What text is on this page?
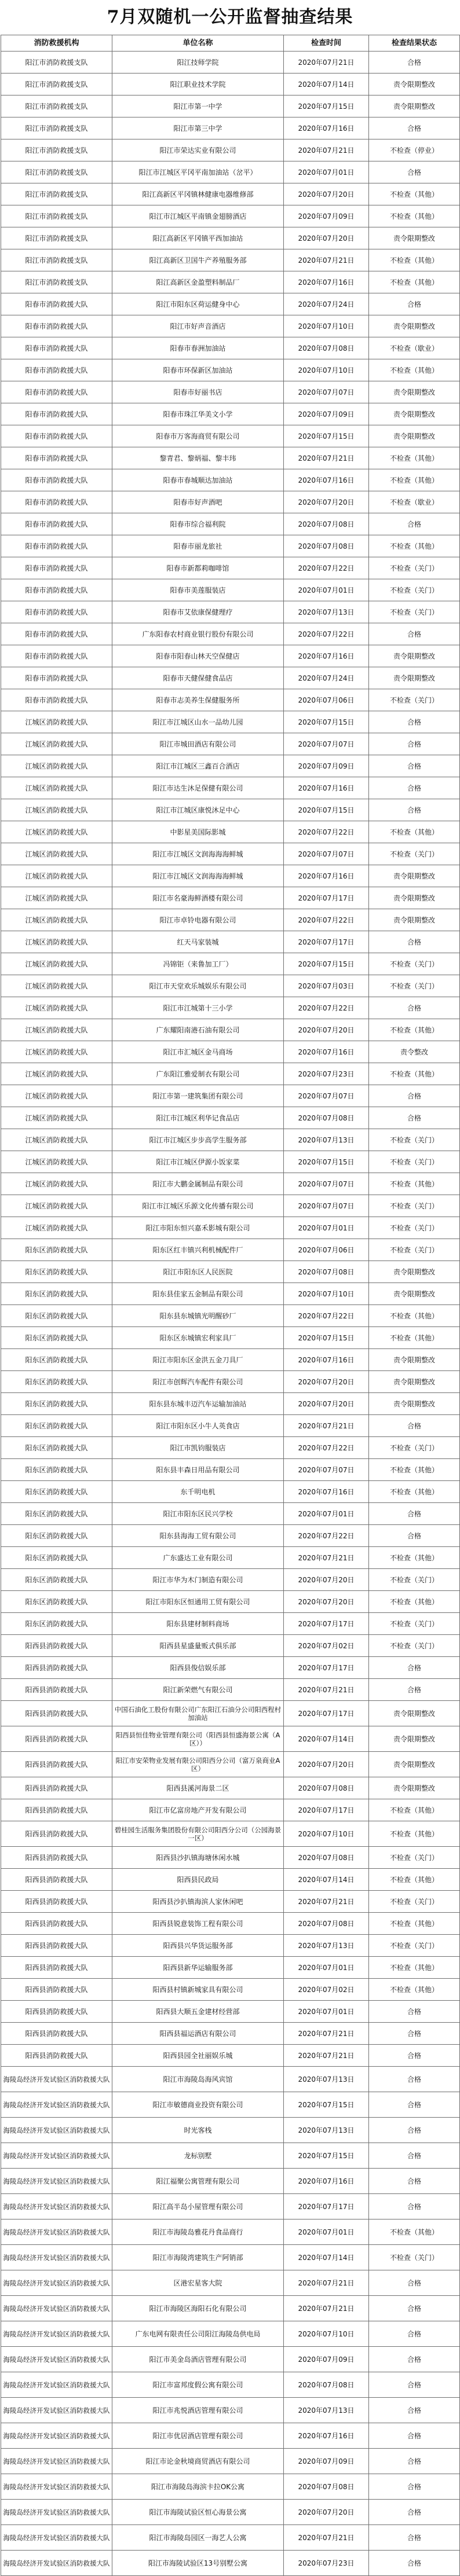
7月双随机一公开监督抽查结果
消防救援机构	单位名称	检查时间	检查结果状态
阳江市消防救援支队	阳江技师学院	2020年07月21日	合格
阳江市消防救援支队	阳江职业技术学院	2020年07月14日	责令限期整改
阳江市消防救援支队	阳江市第一中学	2020年07月15日	责令限期整改
阳江市消防救援支队	阳江市第三中学	2020年07月16日	合格
阳江市消防救援支队	阳江市荣达实业有限公司	2020年07月21日	不检查（停业）
阳江市消防救援支队	阳江市江城区平冈平南加油站（岔平）	2020年07月01日	合格
阳江市消防救援支队	阳江高新区平冈镇林健康电器维修部	2020年07月20日	不检查（其他）
阳江市消防救援支队	阳江市江城区平南镇金翅膀酒店	2020年07月09日	不检查（其他）
阳江市消防救援支队	阳江高新区平冈镇平西加油站	2020年07月20日	责令限期整改
阳江市消防救援支队	阳江高新区卫国牛产养殖服务部	2020年07月21日	不检查（其他）
阳江市消防救援支队	阳江高新区金盈塑料制品厂	2020年07月16日	不检查（其他）
阳春市消防救援大队	阳江市阳东区荷运健身中心	2020年07月24日	合格
阳春市消防救援大队	阳江市好声音酒店	2020年07月10日	责令限期整改
阳春市消防救援大队	阳春市春洲加油站	2020年07月08日	不检查（歇业）
阳春市消防救援大队	阳春市环保新区加油站	2020年07月10日	不检查（其他）
阳春市消防救援大队	阳春市好丽书店	2020年07月07日	责令限期整改
阳春市消防救援大队	阳春市珠江华美文小学	2020年07月09日	责令限期整改
阳春市消防救援大队	阳春市万客海商贸有限公司	2020年07月15日	责令限期整改
阳春市消防救援大队	黎青君、黎炳福、黎丰玮	2020年07月21日	不检查（其他）
阳春市消防救援大队	阳春市春城顺达加油站	2020年07月16日	不检查（其他）
阳春市消防救援大队	阳春市好声酒吧	2020年07月20日	不检查（歇业）
阳春市消防救援大队	阳春市综合福利院	2020年07月08日	合格
阳春市消防救援大队	阳春市丽龙旅社	2020年07月08日	不检查（其他）
阳春市消防救援大队	阳春市新都莉咖啡馆	2020年07月22日	不检查（关门）
阳春市消防救援大队	阳春市美莲服装店	2020年07月01日	不检查（关门）
阳春市消防救援大队	阳春市艾依康保健理疗	2020年07月13日	不检查（关门）
阳春市消防救援大队	广东阳春农村商业银行股份有限公司	2020年07月22日	合格
阳春市消防救援大队	阳春市阳春山林天空保健店	2020年07月16日	责令限期整改
阳春市消防救援大队	阳春市天健保健食品店	2020年07月24日	责令限期整改
阳春市消防救援大队	阳春市志美养生保健服务所	2020年07月06日	不检查（关门）
江城区消防救援大队	阳江市江城区山水一品幼儿园	2020年07月15日	合格
江城区消防救援大队	阳江市城田酒店有限公司	2020年07月07日	合格
江城区消防救援大队	阳江市江城区三鑫百合酒店	2020年07月09日	合格
江城区消防救援大队	阳江市达生沐足保健有限公司	2020年07月16日	合格
江城区消防救援大队	阳江市江城区康悦沐足中心	2020年07月15日	合格
江城区消防救援大队	中影星美国际影城	2020年07月22日	不检查（其他）
江城区消防救援大队	阳江市江城区文润海海海鲜城	2020年07月07日	不检查（关门）
江城区消防救援大队	阳江市江城区文润海海海鲜城	2020年07月16日	责令限期整改
江城区消防救援大队	阳江市名豪海鲜酒楼有限公司	2020年07月17日	责令限期整改
江城区消防救援大队	阳江市卓铃电器有限公司	2020年07月22日	责令限期整改
江城区消防救援大队	红天马家装城	2020年07月17日	合格
江城区消防救援大队	冯锦钜（来鲁加工厂）	2020年07月15日	不检查（关门）
江城区消防救援大队	阳江市天堂欢乐城娱乐有限公司	2020年07月03日	不检查（关门）
江城区消防救援大队	阳江市江城第十三小学	2020年07月22日	合格
江城区消防救援大队	广东耀阳南港石油有限公司	2020年07月20日	不检查（其他）
江城区消防救援大队	阳江市汇城区金马商场	2020年07月16日	责令整改
江城区消防救援大队	广东阳江雅爱制衣有限公司	2020年07月23日	不检查（其他）
江城区消防救援大队	阳江市第一建筑集团有限公司	2020年07月07日	合格
江城区消防救援大队	阳江市江城区利华记食品店	2020年07月08日	合格
江城区消防救援大队	阳江市江城区步步高学生服务部	2020年07月13日	不检查（关门）
江城区消防救援大队	阳江市江城区伊源小饭家菜	2020年07月15日	不检查（关门）
江城区消防救援大队	阳江市大鹏金属制品有限公司	2020年07月07日	不检查（其他）
江城区消防救援大队	阳江市江城区乐源文化传播有限公司	2020年07月07日	不检查（关门）
江城区消防救援大队	阳江市阳东恒兴嘉禾影城有限公司	2020年07月01日	不检查（关门）
阳东区消防救援大队	阳东区红丰镇兴利机械配件厂	2020年07月06日	不检查（关门）
阳东区消防救援大队	阳江市阳东区人民医院	2020年07月08日	责令限期整改
阳东区消防救援大队	阳东县佳家五金制品有限公司	2020年07月10日	责令限期整改
阳东区消防救援大队	阳东县东城镇光明醒砂厂	2020年07月22日	不检查（其他）
阳东区消防救援大队	阳东区东城镇宏利家具厂	2020年07月15日	不检查（其他）
阳东区消防救援大队	阳江市阳东区金洪五金刀具厂	2020年07月16日	责令限期整改
阳东区消防救援大队	阳江市创辉汽车配件有限公司	2020年07月20日	责令限期整改
阳东区消防救援大队	阳东县东城丰迈汽车运输加油站	2020年07月20日	责令限期整改
阳东区消防救援大队	阳江市阳东区小牛人英食店	2020年07月21日	合格
阳东区消防救援大队	阳江市凯钧服装店	2020年07月22日	不检查（关门）
阳东区消防救援大队	阳东县丰森日用品有限公司	2020年07月07日	不检查（其他）
阳东区消防救援大队	东千明电机	2020年07月16日	不检查（其他）
阳东区消防救援大队	阳江市阳东区民兴学校	2020年07月01日	合格
阳东区消防救援大队	阳东县海海工贸有限公司	2020年07月22日	合格
阳东区消防救援大队	广东盛达工业有限公司	2020年07月21日	不检查（其他）
阳东区消防救援大队	阳江市华为木门制造有限公司	2020年07月20日	不检查（关门）
阳东区消防救援大队	阳江市阳东区恒通用工贸有限公司	2020年07月20日	不检查（其他）
阳东区消防救援大队	阳东县建材制料商场	2020年07月17日	不检查（关门）
阳西县消防救援大队	阳西县星盛量贩式俱乐部	2020年07月02日	不检查（关门）
阳西县消防救援大队	阳西县俊信娱乐部	2020年07月17日	合格
阳西县消防救援大队	阳江新荣燃气有限公司	2020年07月21日	合格
阳西县消防救援大队	中国石油化工股份有限公司广东阳江石油分公司阳西程村加油站	2020年07月17日	责令限期整改
阳西县消防救援大队	阳西县恒佳物业管理有限公司（阳西县恒盛海景公寓（A区））	2020年07月14日	责令限期整改
阳西县消防救援大队	阳江市安荣物业发展有限公司阳西分公司（富万泉商业A区）	2020年07月20日	责令限期整改
阳西县消防救援大队	阳西县溪河海景二区	2020年07月08日	责令限期整改
阳西县消防救援大队	阳江市亿富房地产开发有限公司	2020年07月17日	不检查（其他）
阳西县消防救援大队	碧桂园生活服务集团股份有限公司阳西分公司（公园海景一区）	2020年07月10日	不检查（其他）
阳西县消防救援大队	阳西县沙扒镇海塘休闲水城	2020年07月08日	不检查（关门）
阳西县消防救援大队	阳西县民政局	2020年07月14日	不检查（其他）
阳西县消防救援大队	阳西县沙扒镇海滨人家休闲吧	2020年07月21日	不检查（关门）
阳西县消防救援大队	阳西县锐意装饰工程有限公司	2020年07月08日	不检查（其他）
阳西县消防救援大队	阳西县兴华货运服务部	2020年07月13日	不检查（关门）
阳西县消防救援大队	阳西县新华运输服务部	2020年07月01日	不检查（其他）
阳西县消防救援大队	阳西县村镇新城家具有限公司	2020年07月02日	不检查（其他）
阳西县消防救援大队	阳西县大顺五金建材经营部	2020年07月01日	合格
阳西县消防救援大队	阳西县福运酒店有限公司	2020年07月21日	合格
阳西县消防救援大队	阳西县园全社丽娱乐城	2020年07月21日	合格
海陵岛经济开发试验区消防救援大队	阳江市海陵岛海风宾馆	2020年07月13日	合格
海陵岛经济开发试验区消防救援大队	阳江市敏德商业投资有限公司	2020年07月15日	合格
海陵岛经济开发试验区消防救援大队	时光客栈	2020年07月13日	合格
海陵岛经济开发试验区消防救援大队	龙标别墅	2020年07月15日	合格
海陵岛经济开发试验区消防救援大队	阳江福聚公寓管理有限公司	2020年07月16日	合格
海陵岛经济开发试验区消防救援大队	阳江高半岛小屋管理有限公司	2020年07月17日	合格
海陵岛经济开发试验区消防救援大队	阳江市海陵岛雅花丹食品商行	2020年07月01日	不检查（其他）
海陵岛经济开发试验区消防救援大队	阳江市海陵湾建筑生产阿销部	2020年07月14日	不检查（关门）
海陵岛经济开发试验区消防救援大队	区港宏星客大院	2020年07月21日	合格
海陵岛经济开发试验区消防救援大队	阳江市海陵区海阳石化有限公司	2020年07月21日	合格
海陵岛经济开发试验区消防救援大队	广东电网有限责任公司阳江海陵岛供电局	2020年07月10日	合格
海陵岛经济开发试验区消防救援大队	阳江市美金岛酒店管理有限公司	2020年07月09日	合格
海陵岛经济开发试验区消防救援大队	阳江市富邦度假公寓有限公司	2020年07月08日	合格
海陵岛经济开发试验区消防救援大队	阳江市兆悦酒店管理有限公司	2020年07月13日	合格
海陵岛经济开发试验区消防救援大队	阳江市优居酒店管理有限公司	2020年07月16日	合格
海陵岛经济开发试验区消防救援大队	阳江市论金秋境商贸酒店有限公司	2020年07月09日	合格
海陵岛经济开发试验区消防救援大队	阳江市海陵岛海滨卡拉OK公寓	2020年07月08日	合格
海陵岛经济开发试验区消防救援大队	阳江市海陵试验区恒心海景公寓	2020年07月20日	合格
海陵岛经济开发试验区消防救援大队	阳江市海陵岛园区一海艺人公寓	2020年07月21日	合格
海陵岛经济开发试验区消防救援大队	阳江市海陵试验区13号别墅公寓	2020年07月23日	合格
